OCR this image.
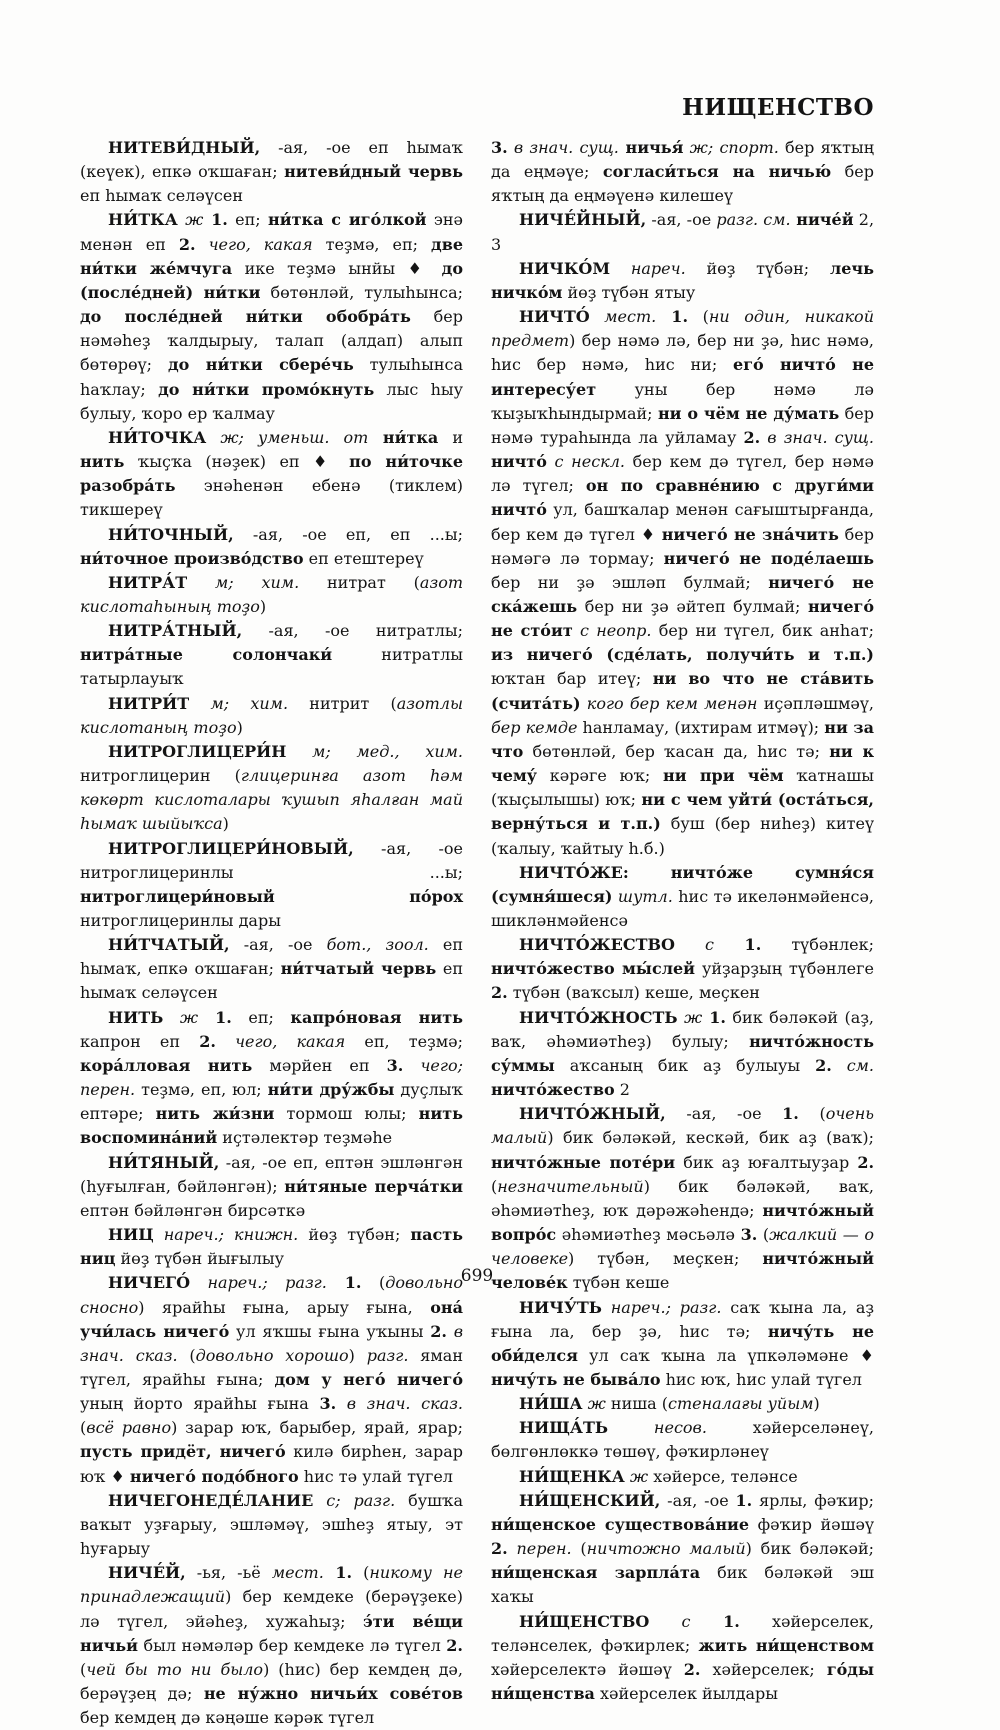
НИЩЕНСТВО

НИТЕВИ́ДНЫЙ, -ая, -ое еп һымаҡ (кеүек), епкә оҡшаған; нитеви́дный червь еп һымаҡ селәүсен

НИ́ТКА ж 1. еп; ни́тка с иго́лкой энә менән еп 2. чего, какая теҙмә, еп; две ни́тки же́мчуга ике теҙмә ынйы ♦ до (после́дней) ни́тки бөтөнләй, тулыһынса; до после́дней ни́тки обобра́ть бер нәмәһеҙ ҡалдырыу, талап (алдап) алып бөтөрөү; до ни́тки сбере́чь тулыһынса һаҡлау; до ни́тки промо́кнуть лыс һыу булыу, ҡоро ер ҡалмау

НИ́ТОЧКА ж; уменьш. от ни́тка и нить ҡыҫҡа (нәҙек) еп ♦ по ни́точке разобра́ть энәһенән ебенә (тиклем) тикшереү

НИ́ТОЧНЫЙ, -ая, -ое еп, еп ...ы; ни́точное произво́дство еп етештереү

НИТРА́Т м; хим. нитрат (азот кислотаһының тоҙо)

НИТРА́ТНЫЙ, -ая, -ое нитратлы; нитра́тные солончаки́ нитратлы татырлауыҡ

НИТРИ́Т м; хим. нитрит (азотлы кислотаның тоҙо)

НИТРОГЛИЦЕРИ́Н м; мед., хим. нитроглицерин (глицеринға азот һәм көкөрт кислоталары ҡушып яһалған май һымаҡ шыйыҡса)

НИТРОГЛИЦЕРИ́НОВЫЙ, -ая, -ое нитроглицеринлы ...ы; нитроглицери́новый по́рох нитроглицеринлы дары

НИ́ТЧАТЫЙ, -ая, -ое бот., зоол. еп һымаҡ, епкә оҡшаған; ни́тчатый червь еп һымаҡ селәүсен

НИТЬ ж 1. еп; капро́новая нить капрон еп 2. чего, какая еп, теҙмә; кора́лловая нить мәрйен еп 3. чего; перен. теҙмә, еп, юл; ни́ти дру́жбы дуҫлыҡ ептәре; нить жи́зни тормош юлы; нить воспомина́ний иҫтәлектәр теҙмәһе

НИ́ТЯНЫЙ, -ая, -ое еп, ептән эшләнгән (һуғылған, бәйләнгән); ни́тяные перча́тки ептән бәйләнгән бирсәткә

НИЦ нареч.; книжн. йөҙ түбән; пасть ниц йөҙ түбән йығылыу

НИЧЕГО́ нареч.; разг. 1. (довольно сносно) ярайһы ғына, арыу ғына, она́ учи́лась ничего́ ул яҡшы ғына уҡыны 2. в знач. сказ. (довольно хорошо) разг. яман түгел, ярайһы ғына; дом у него́ ничего́ уның йорто ярайһы ғына 3. в знач. сказ. (всё равно) зарар юҡ, барыбер, ярай, ярар; пусть придёт, ничего́ килә бирһен, зарар юҡ ♦ ничего́ подо́бного һис тә улай түгел

НИЧЕГОНЕДЕ́ЛАНИЕ с; разг. бушҡа ваҡыт уҙғарыу, эшләмәү, эшһеҙ ятыу, эт һуғарыу

НИЧЕ́Й, -ья, -ьё мест. 1. (никому не принадлежащий) бер кемдеке (берәүҙеке) лә түгел, эйәһеҙ, хужаһыҙ; э́ти ве́щи ничьи́ был нәмәләр бер кемдеке лә түгел 2. (чей бы то ни было) (һис) бер кемдең дә, берәүҙең дә; не ну́жно ничьи́х сове́тов бер кемдең дә кәңәше кәрәк түгел

3. в знач. сущ. ничья́ ж; спорт. бер яҡтың да еңмәүе; согласи́ться на ничью́ бер яҡтың да еңмәүенә килешеү

НИЧЕ́ЙНЫЙ, -ая, -ое разг. см. ниче́й 2, 3

НИЧКО́М нареч. йөҙ түбән; лечь ничко́м йөҙ түбән ятыу

НИЧТО́ мест. 1. (ни один, никакой предмет) бер нәмә лә, бер ни ҙә, һис нәмә, һис бер нәмә, һис ни; его́ ничто́ не интересу́ет уны бер нәмә лә ҡыҙыҡһындырмай; ни о чём не ду́мать бер нәмә тураһында ла уйламау 2. в знач. сущ. ничто́ с нескл. бер кем дә түгел, бер нәмә лә түгел; он по сравне́нию с други́ми ничто́ ул, башҡалар менән сағыштырғанда, бер кем дә түгел ♦ ничего́ не зна́чить бер нәмәгә лә тормау; ничего́ не поде́лаешь бер ни ҙә эшләп булмай; ничего́ не ска́жешь бер ни ҙә әйтеп булмай; ничего́ не сто́ит с неопр. бер ни түгел, бик анһат; из ничего́ (сде́лать, получи́ть и т.п.) юҡтан бар итеү; ни во что не ста́вить (счита́ть) кого бер кем менән иҫәпләшмәү, бер кемде һанламау, (ихтирам итмәү); ни за что бөтөнләй, бер ҡасан да, һис тә; ни к чему́ кәрәге юҡ; ни при чём ҡатнашы (ҡыҫылышы) юҡ; ни с чем уйти́ (оста́ться, верну́ться и т.п.) буш (бер ниһеҙ) китеү (ҡалыу, ҡайтыу һ.б.)

НИЧТО́ЖЕ: ничто́же сумня́ся (сумня́шеся) шутл. һис тә икеләнмәйенсә, шикләнмәйенсә

НИЧТО́ЖЕСТВО с 1. түбәнлек; ничто́жество мы́слей уйҙарҙың түбәнлеге 2. түбән (ваҡсыл) кеше, меҫкен

НИЧТО́ЖНОСТЬ ж 1. бик бәләкәй (аҙ, ваҡ, әһәмиәтһеҙ) булыу; ничто́жность су́ммы аҡсаның бик аҙ булыуы 2. см. ничто́жество 2

НИЧТО́ЖНЫЙ, -ая, -ое 1. (очень малый) бик бәләкәй, кескәй, бик аҙ (ваҡ); ничто́жные поте́ри бик аҙ юғалтыуҙар 2. (незначительный) бик бәләкәй, ваҡ, әһәмиәтһеҙ, юҡ дәрәжәһендә; ничто́жный вопро́с әһәмиәтһеҙ мәсьәлә 3. (жалкий — о человеке) түбән, меҫкен; ничто́жный челове́к түбән кеше

НИЧУ́ТЬ нареч.; разг. саҡ ҡына ла, аҙ ғына ла, бер ҙә, һис тә; ничу́ть не оби́делся ул саҡ ҡына ла үпкәләмәне ♦ ничу́ть не быва́ло һис юҡ, һис улай түгел

НИ́ША ж ниша (стеналағы уйым)

НИЩА́ТЬ несов. хәйерселәнеү, бөлгөнлөккә төшөү, фәҡирләнеү

НИ́ЩЕНКА ж хәйерсе, теләнсе

НИ́ЩЕНСКИЙ, -ая, -ое 1. ярлы, фәҡир; ни́щенское существова́ние фәҡир йәшәү 2. перен. (ничтожно малый) бик бәләкәй; ни́щенская зарпла́та бик бәләкәй эш хаҡы

НИ́ЩЕНСТВО с 1. хәйерселек, теләнселек, фәҡирлек; жить ни́щенством хәйерселектә йәшәү 2. хәйерселек; го́ды ни́щенства хәйерселек йылдары

699
